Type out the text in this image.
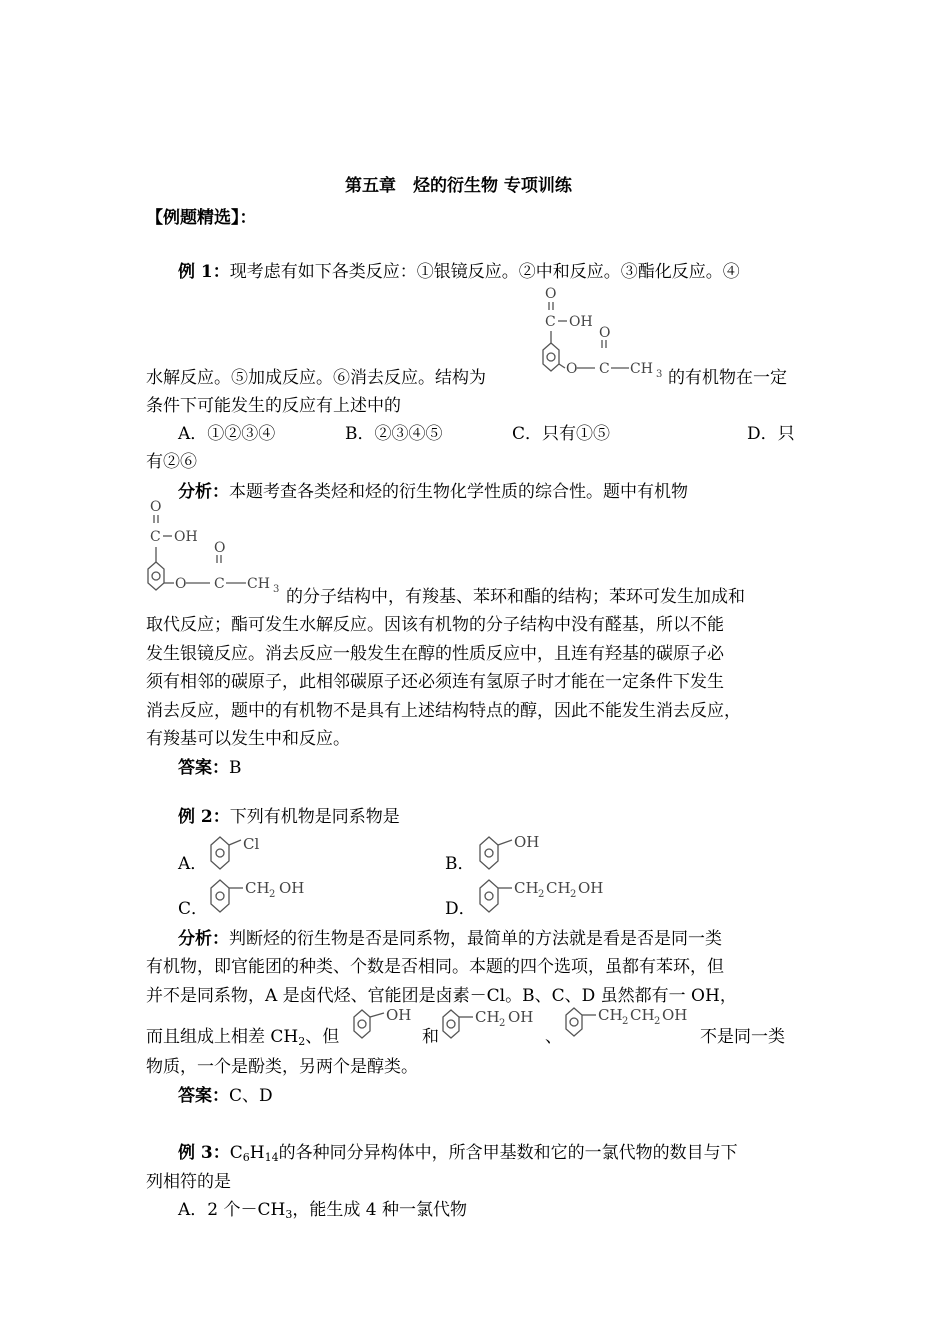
第五章　烃的衍生物 专项训练
【例题精选】：
例 1：现考虑有如下各类反应：①银镜反应。②中和反应。③酯化反应。④
O
C OH
O
O
C CH 3
水解反应。⑤加成反应。⑥消去反应。结构为	的有机物在一定
条件下可能发生的反应有上述中的
A．①②③④	B．②③④⑤	C．只有①⑤	D．只
有②⑥
分析：本题考查各类烃和烃的衍生物化学性质的综合性。题中有机物
O
C OH
O
O
C CH 3 的分子结构中，有羧基、苯环和酯的结构；苯环可发生加成和
取代反应；酯可发生水解反应。因该有机物的分子结构中没有醛基，所以不能
发生银镜反应。消去反应一般发生在醇的性质反应中，且连有羟基的碳原子必
须有相邻的碳原子，此相邻碳原子还必须连有氢原子时才能在一定条件下发生
消去反应，题中的有机物不是具有上述结构特点的醇，因此不能发生消去反应，
有羧基可以发生中和反应。
答案：B
例 2：下列有机物是同系物是
A．
Cl
B．
OH
C．
CH 2 OH
D．
CH 2 CH 2 OH
分析：判断烃的衍生物是否是同系物，最简单的方法就是看是否是同一类
有机物，即官能团的种类、个数是否相同。本题的四个选项，虽都有苯环，但
并不是同系物，A 是卤代烃、官能团是卤素－Cl。B、C、D 虽然都有一 OH，
而且组成上相差 $CH_2$、但
OH
和
CH 2 OH
、
CH 2 CH 2 OH
不是同一类
物质，一个是酚类，另两个是醇类。
答案：C、D
例 3：$C_6H_{14}$的各种同分异构体中，所含甲基数和它的一氯代物的数目与下
列相符的是
A．2 个$-CH_3$，能生成 4 种一氯代物
